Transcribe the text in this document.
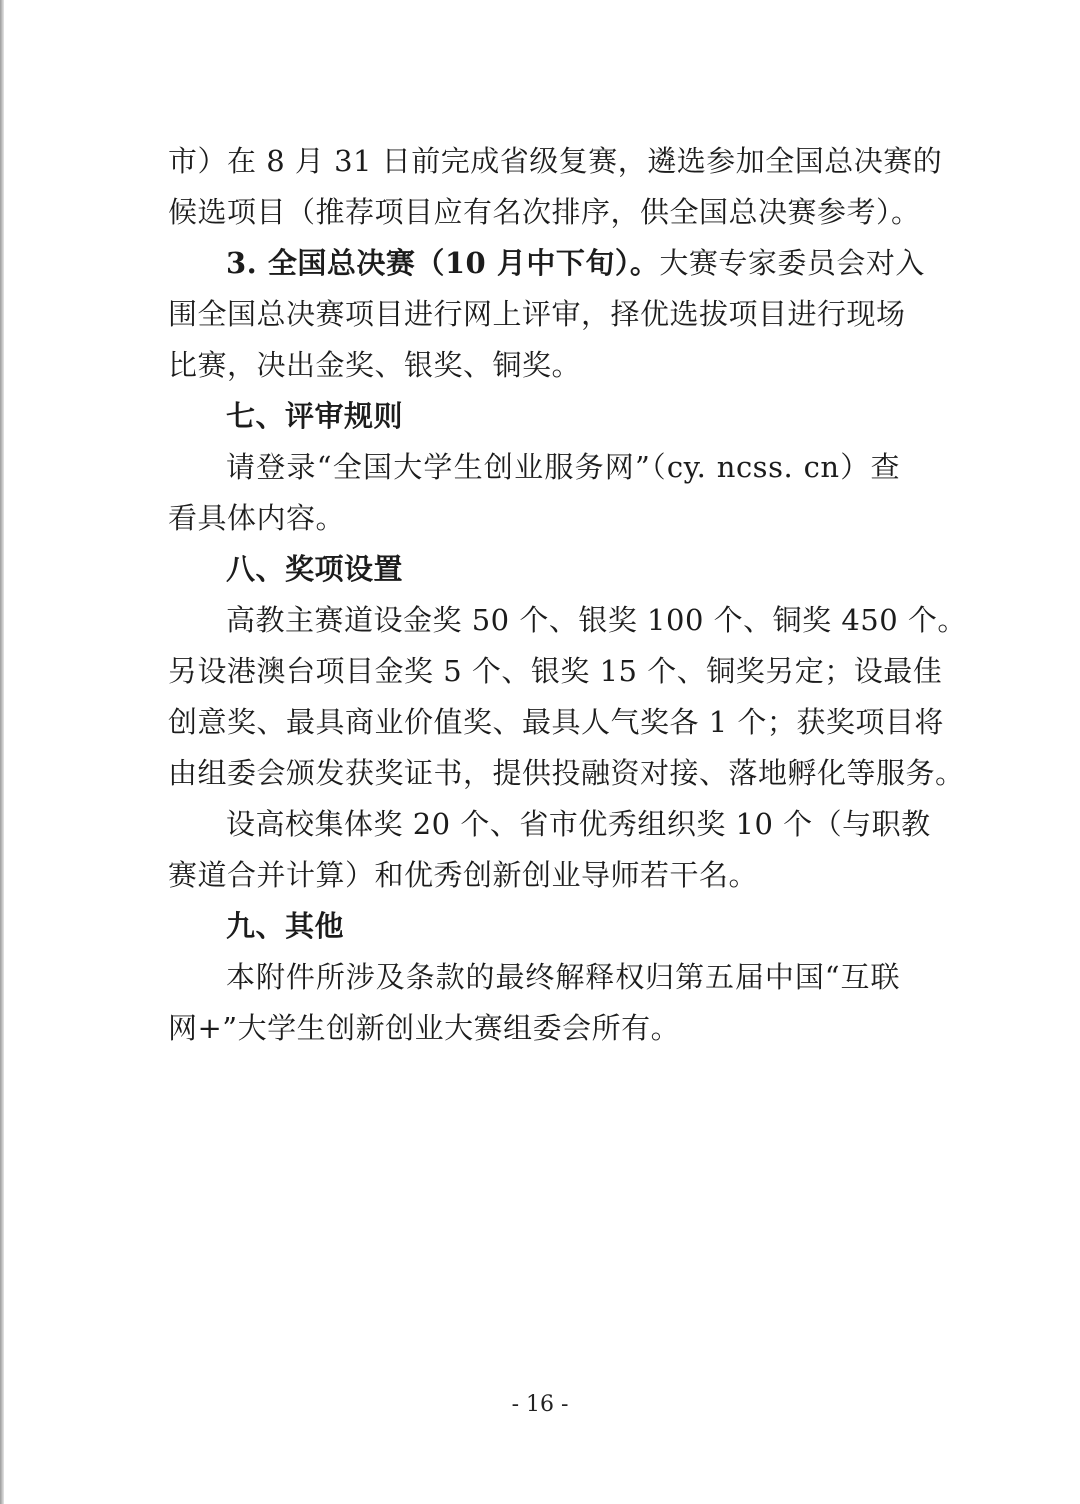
市）在 8 月 31 日前完成省级复赛，遴选参加全国总决赛的
候选项目（推荐项目应有名次排序，供全国总决赛参考）。
3. 全国总决赛（10 月中下旬）。大赛专家委员会对入
围全国总决赛项目进行网上评审，择优选拔项目进行现场
比赛，决出金奖、银奖、铜奖。
七、评审规则
请登录“全国大学生创业服务网”（cy. ncss. cn）查
看具体内容。
八、奖项设置
高教主赛道设金奖 50 个、银奖 100 个、铜奖 450 个。
另设港澳台项目金奖 5 个、银奖 15 个、铜奖另定；设最佳
创意奖、最具商业价值奖、最具人气奖各 1 个；获奖项目将
由组委会颁发获奖证书，提供投融资对接、落地孵化等服务。
设高校集体奖 20 个、省市优秀组织奖 10 个（与职教
赛道合并计算）和优秀创新创业导师若干名。
九、其他
本附件所涉及条款的最终解释权归第五届中国“互联
网+”大学生创新创业大赛组委会所有。
- 16 -
